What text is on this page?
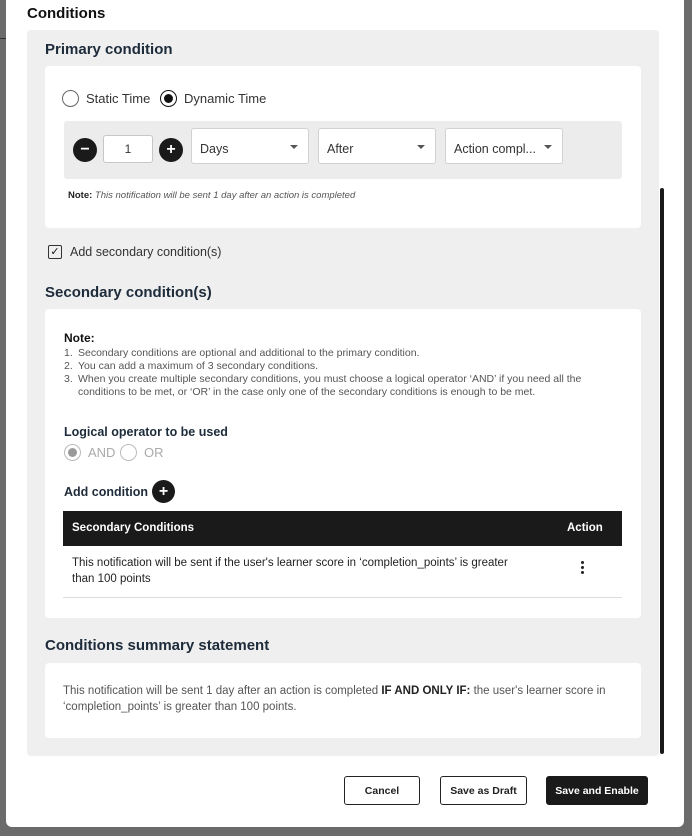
Conditions
Primary condition
Static Time	Dynamic Time
−	1	+	Days	After	Action compl...
Note: This notification will be sent 1 day after an action is completed
✓ Add secondary condition(s)
Secondary condition(s)
Note:
1. Secondary conditions are optional and additional to the primary condition.
2. You can add a maximum of 3 secondary conditions.
3. When you create multiple secondary conditions, you must choose a logical operator ‘AND’ if you need all the conditions to be met, or ‘OR’ in the case only one of the secondary conditions is enough to be met.
Logical operator to be used
AND OR
Add condition +
Secondary Conditions	Action
This notification will be sent if the user's learner score in ‘completion_points’ is greater than 100 points
Conditions summary statement
This notification will be sent 1 day after an action is completed IF AND ONLY IF: the user's learner score in ‘completion_points’ is greater than 100 points.
Cancel	Save as Draft	Save and Enable
